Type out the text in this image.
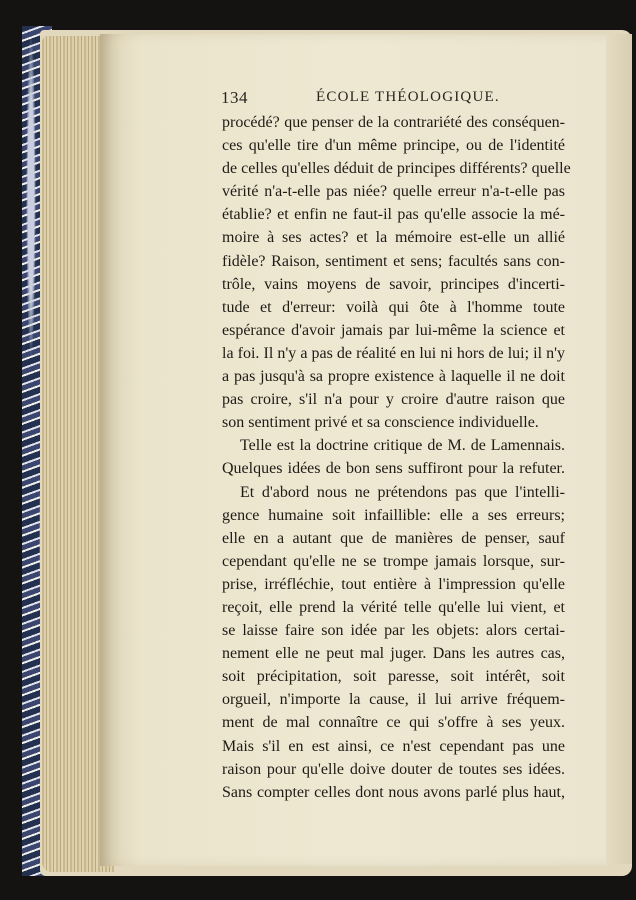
134	ÉCOLE THÉOLOGIQUE.
procédé? que penser de la contrariété des conséquen-
ces qu'elle tire d'un même principe, ou de l'identité
de celles qu'elles déduit de principes différents? quelle
vérité n'a-t-elle pas niée? quelle erreur n'a-t-elle pas
établie? et enfin ne faut-il pas qu'elle associe la mé-
moire à ses actes? et la mémoire est-elle un allié
fidèle? Raison, sentiment et sens; facultés sans con-
trôle, vains moyens de savoir, principes d'incerti-
tude et d'erreur: voilà qui ôte à l'homme toute
espérance d'avoir jamais par lui-même la science et
la foi. Il n'y a pas de réalité en lui ni hors de lui; il n'y
a pas jusqu'à sa propre existence à laquelle il ne doit
pas croire, s'il n'a pour y croire d'autre raison que
son sentiment privé et sa conscience individuelle.
Telle est la doctrine critique de M. de Lamennais.
Quelques idées de bon sens suffiront pour la refuter.
Et d'abord nous ne prétendons pas que l'intelli-
gence humaine soit infaillible: elle a ses erreurs;
elle en a autant que de manières de penser, sauf
cependant qu'elle ne se trompe jamais lorsque, sur-
prise, irréfléchie, tout entière à l'impression qu'elle
reçoit, elle prend la vérité telle qu'elle lui vient, et
se laisse faire son idée par les objets: alors certai-
nement elle ne peut mal juger. Dans les autres cas,
soit précipitation, soit paresse, soit intérêt, soit
orgueil, n'importe la cause, il lui arrive fréquem-
ment de mal connaître ce qui s'offre à ses yeux.
Mais s'il en est ainsi, ce n'est cependant pas une
raison pour qu'elle doive douter de toutes ses idées.
Sans compter celles dont nous avons parlé plus haut,
